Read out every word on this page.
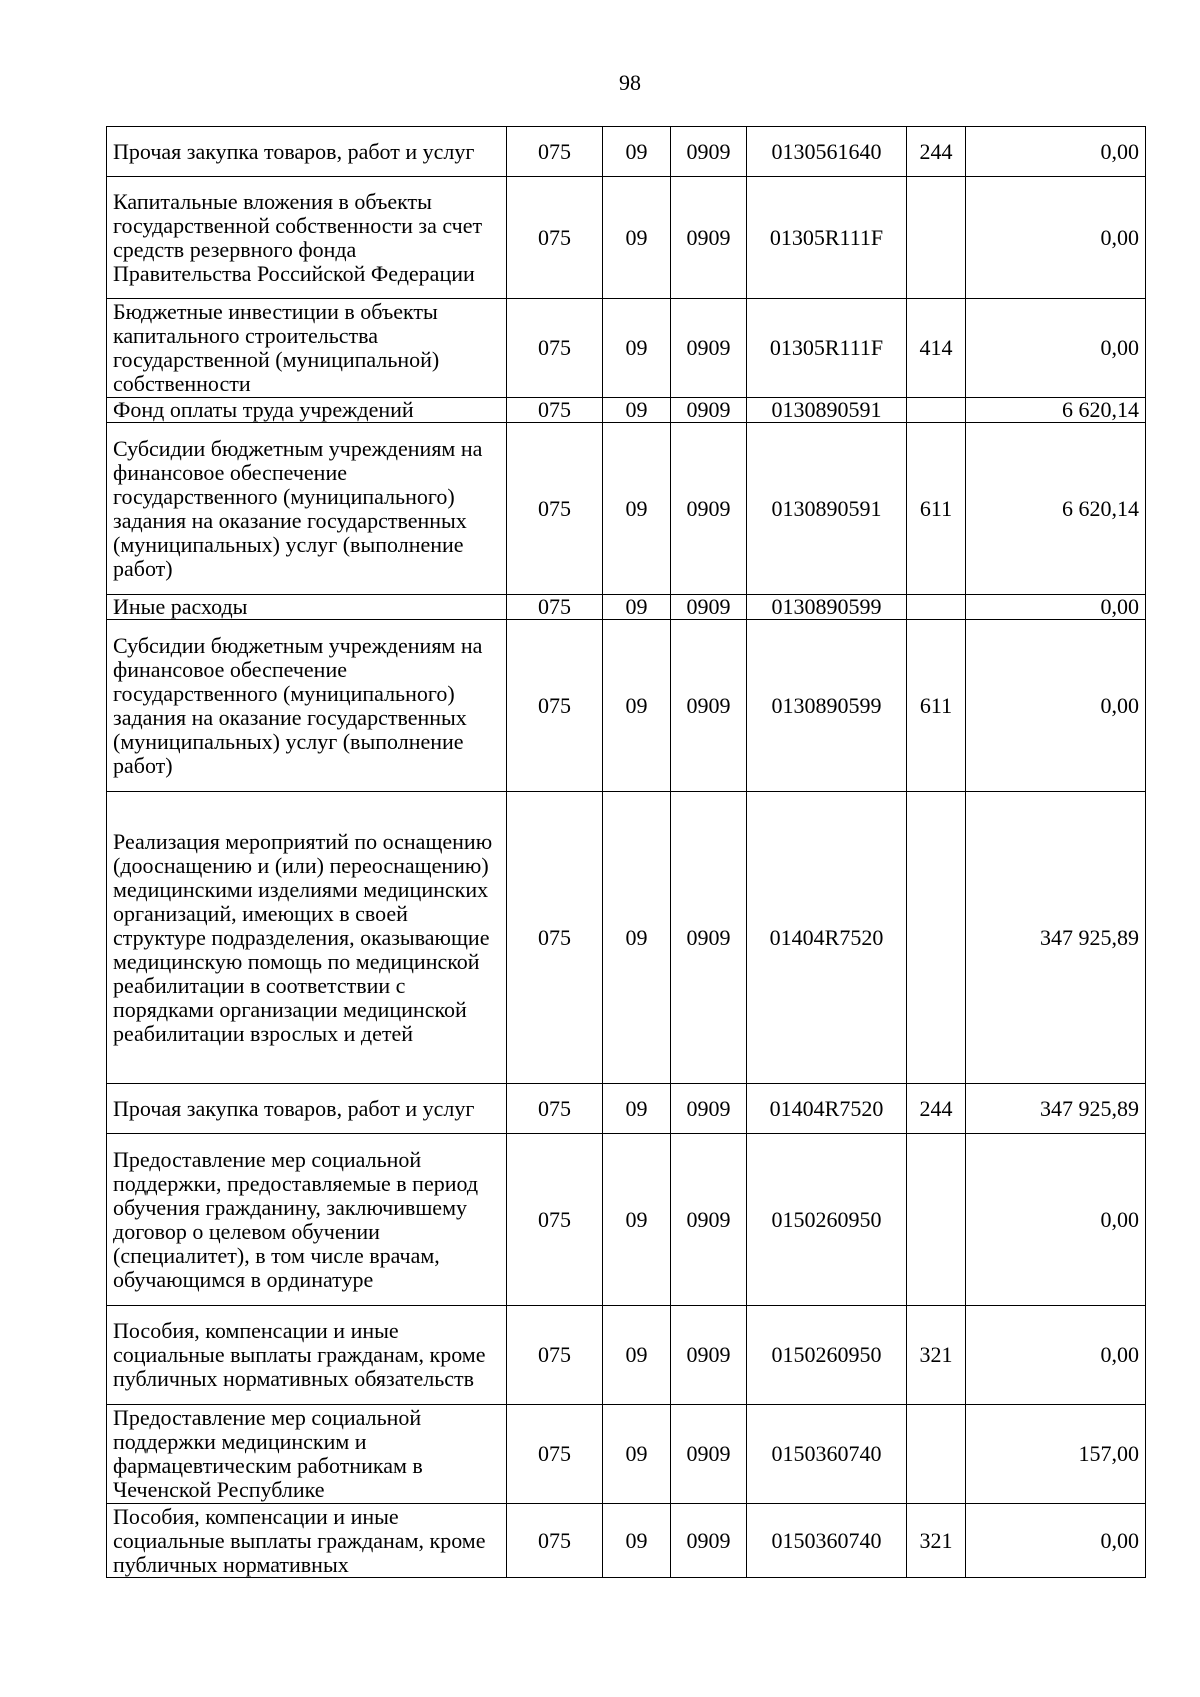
98
Прочая закупка товаров, работ и услуг	075	09	0909	0130561640	244	0,00
Капитальные вложения в объекты государственной собственности за счет средств резервного фонда Правительства Российской Федерации	075	09	0909	01305R111F		0,00
Бюджетные инвестиции в объекты капитального строительства государственной (муниципальной) собственности	075	09	0909	01305R111F	414	0,00
Фонд оплаты труда учреждений	075	09	0909	0130890591		6 620,14
Субсидии бюджетным учреждениям на финансовое обеспечение государственного (муниципального) задания на оказание государственных (муниципальных) услуг (выполнение работ)	075	09	0909	0130890591	611	6 620,14
Иные расходы	075	09	0909	0130890599		0,00
Субсидии бюджетным учреждениям на финансовое обеспечение государственного (муниципального) задания на оказание государственных (муниципальных) услуг (выполнение работ)	075	09	0909	0130890599	611	0,00
Реализация мероприятий по оснащению (дооснащению и (или) переоснащению) медицинскими изделиями медицинских организаций, имеющих в своей структуре подразделения, оказывающие медицинскую помощь по медицинской реабилитации в соответствии с порядками организации медицинской реабилитации взрослых и детей	075	09	0909	01404R7520		347 925,89
Прочая закупка товаров, работ и услуг	075	09	0909	01404R7520	244	347 925,89
Предоставление мер социальной поддержки, предоставляемые в период обучения гражданину, заключившему договор о целевом обучении (специалитет), в том числе врачам, обучающимся в ординатуре	075	09	0909	0150260950		0,00
Пособия, компенсации и иные социальные выплаты гражданам, кроме публичных нормативных обязательств	075	09	0909	0150260950	321	0,00
Предоставление мер социальной поддержки медицинским и фармацевтическим работникам в Чеченской Республике	075	09	0909	0150360740		157,00
Пособия, компенсации и иные социальные выплаты гражданам, кроме публичных нормативных	075	09	0909	0150360740	321	0,00
